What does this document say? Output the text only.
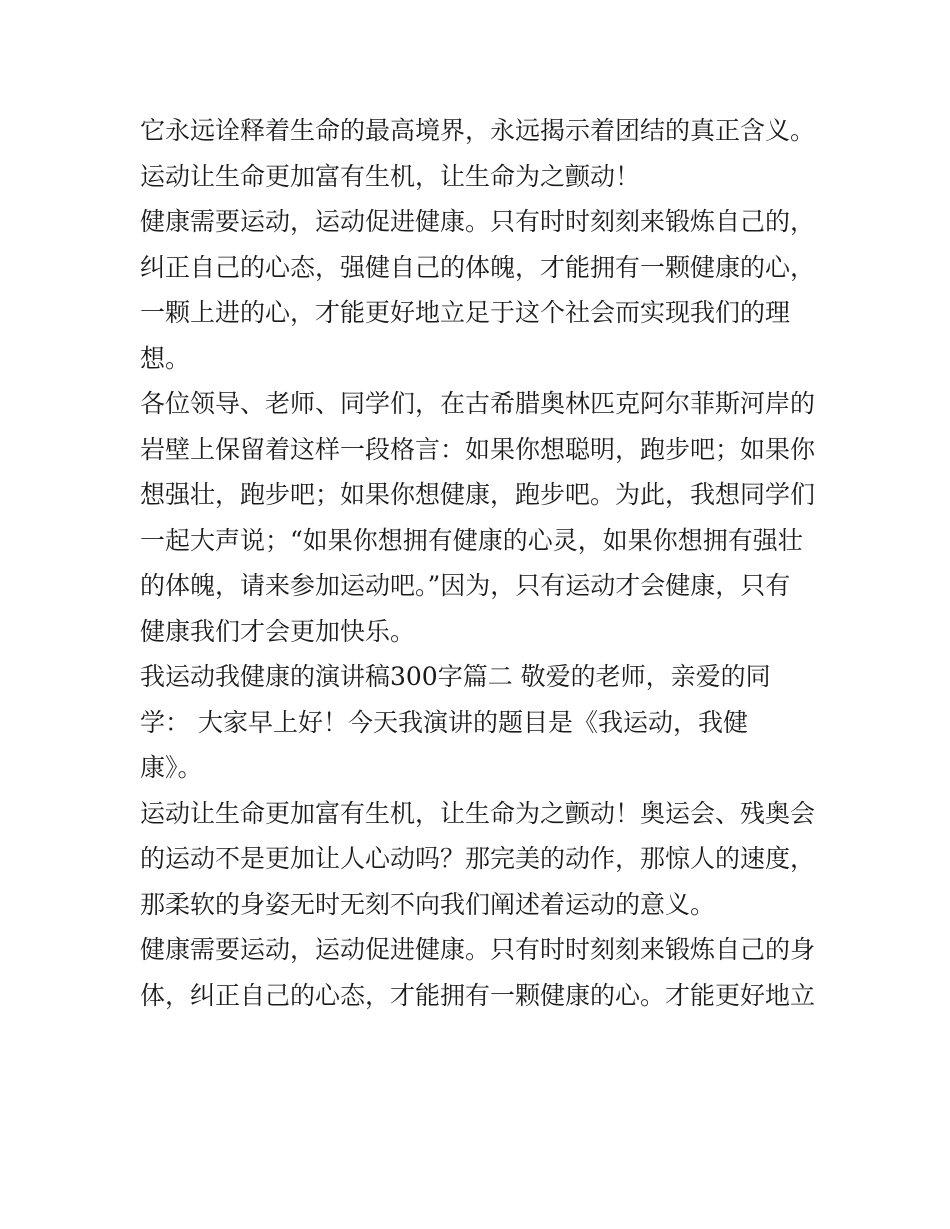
它永远诠释着生命的最高境界，永远揭示着团结的真正含义。
运动让生命更加富有生机，让生命为之颤动！
健康需要运动，运动促进健康。只有时时刻刻来锻炼自己的，
纠正自己的心态，强健自己的体魄，才能拥有一颗健康的心，
一颗上进的心，才能更好地立足于这个社会而实现我们的理
想。
各位领导、老师、同学们，在古希腊奥林匹克阿尔菲斯河岸的
岩壁上保留着这样一段格言：如果你想聪明，跑步吧；如果你
想强壮，跑步吧；如果你想健康，跑步吧。为此，我想同学们
一起大声说；“如果你想拥有健康的心灵，如果你想拥有强壮
的体魄，请来参加运动吧。”因为，只有运动才会健康，只有
健康我们才会更加快乐。
我运动我健康的演讲稿300字篇二 敬爱的老师，亲爱的同
学： 大家早上好！今天我演讲的题目是《我运动，我健
康》。
运动让生命更加富有生机，让生命为之颤动！奥运会、残奥会
的运动不是更加让人心动吗？那完美的动作，那惊人的速度，
那柔软的身姿无时无刻不向我们阐述着运动的意义。
健康需要运动，运动促进健康。只有时时刻刻来锻炼自己的身
体，纠正自己的心态，才能拥有一颗健康的心。才能更好地立
